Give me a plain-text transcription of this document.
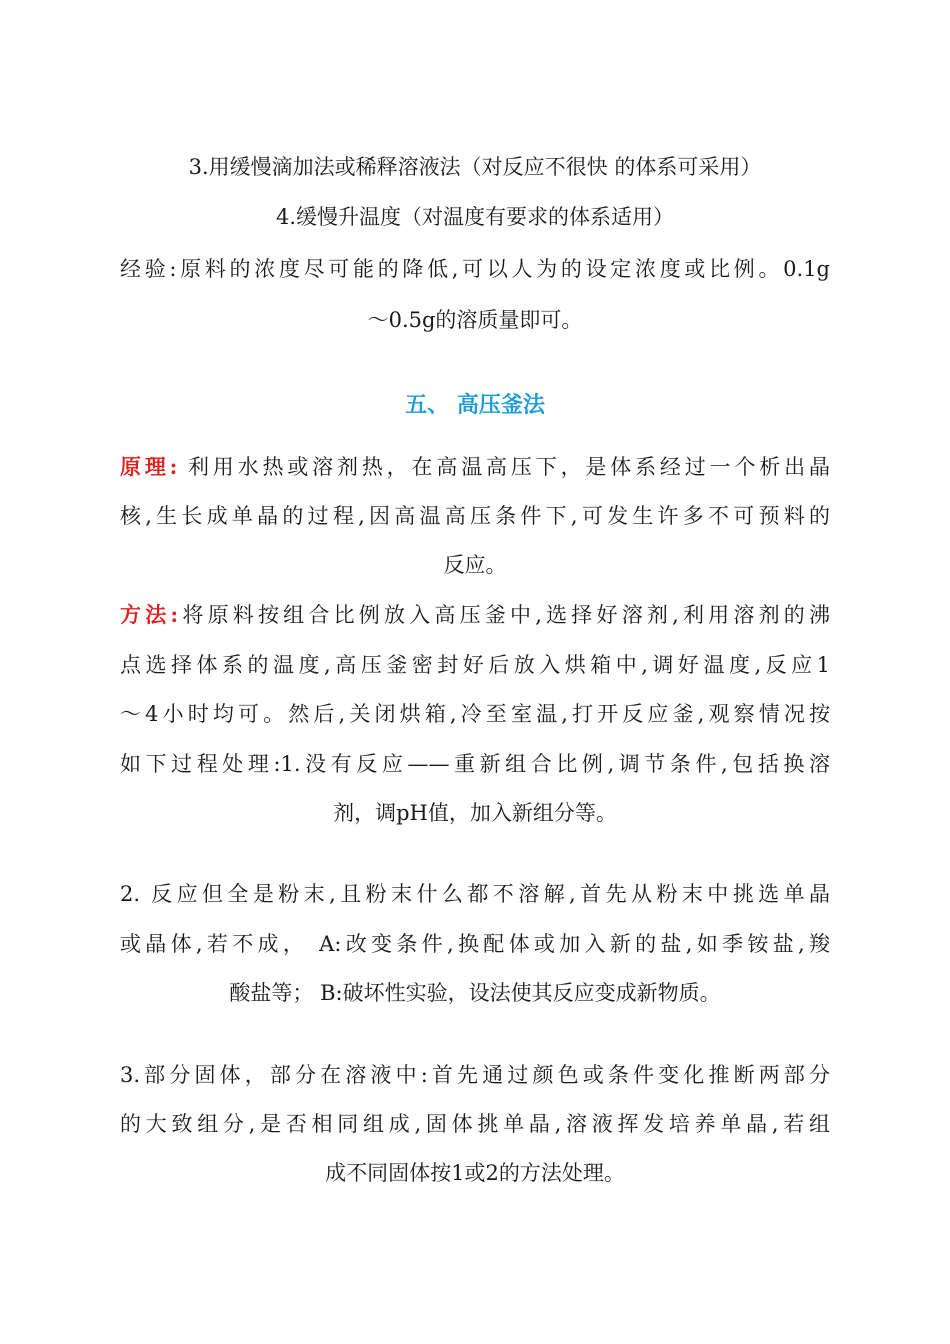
3.用缓慢滴加法或稀释溶液法（对反应不很快 的体系可采用）
4.缓慢升温度（对温度有要求的体系适用）
经验:原料的浓度尽可能的降低,可以人为的设定浓度或比例。0.1g
～0.5g的溶质量即可。
五、 高压釜法
原理: 利用水热或溶剂热，在高温高压下，是体系经过一个析出晶
核,生长成单晶的过程,因高温高压条件下,可发生许多不可预料的
反应。
方法:将原料按组合比例放入高压釜中,选择好溶剂,利用溶剂的沸
点选择体系的温度,高压釜密封好后放入烘箱中,调好温度,反应1
～4小时均可。然后,关闭烘箱,冷至室温,打开反应釜,观察情况按
如下过程处理:1.没有反应——重新组合比例,调节条件,包括换溶
剂，调pH值，加入新组分等。
2. 反应但全是粉末,且粉末什么都不溶解,首先从粉末中挑选单晶
或晶体,若不成， A:改变条件,换配体或加入新的盐,如季铵盐,羧
酸盐等； B:破坏性实验，设法使其反应变成新物质。
3.部分固体，部分在溶液中:首先通过颜色或条件变化推断两部分
的大致组分,是否相同组成,固体挑单晶,溶液挥发培养单晶,若组
成不同固体按1或2的方法处理。
